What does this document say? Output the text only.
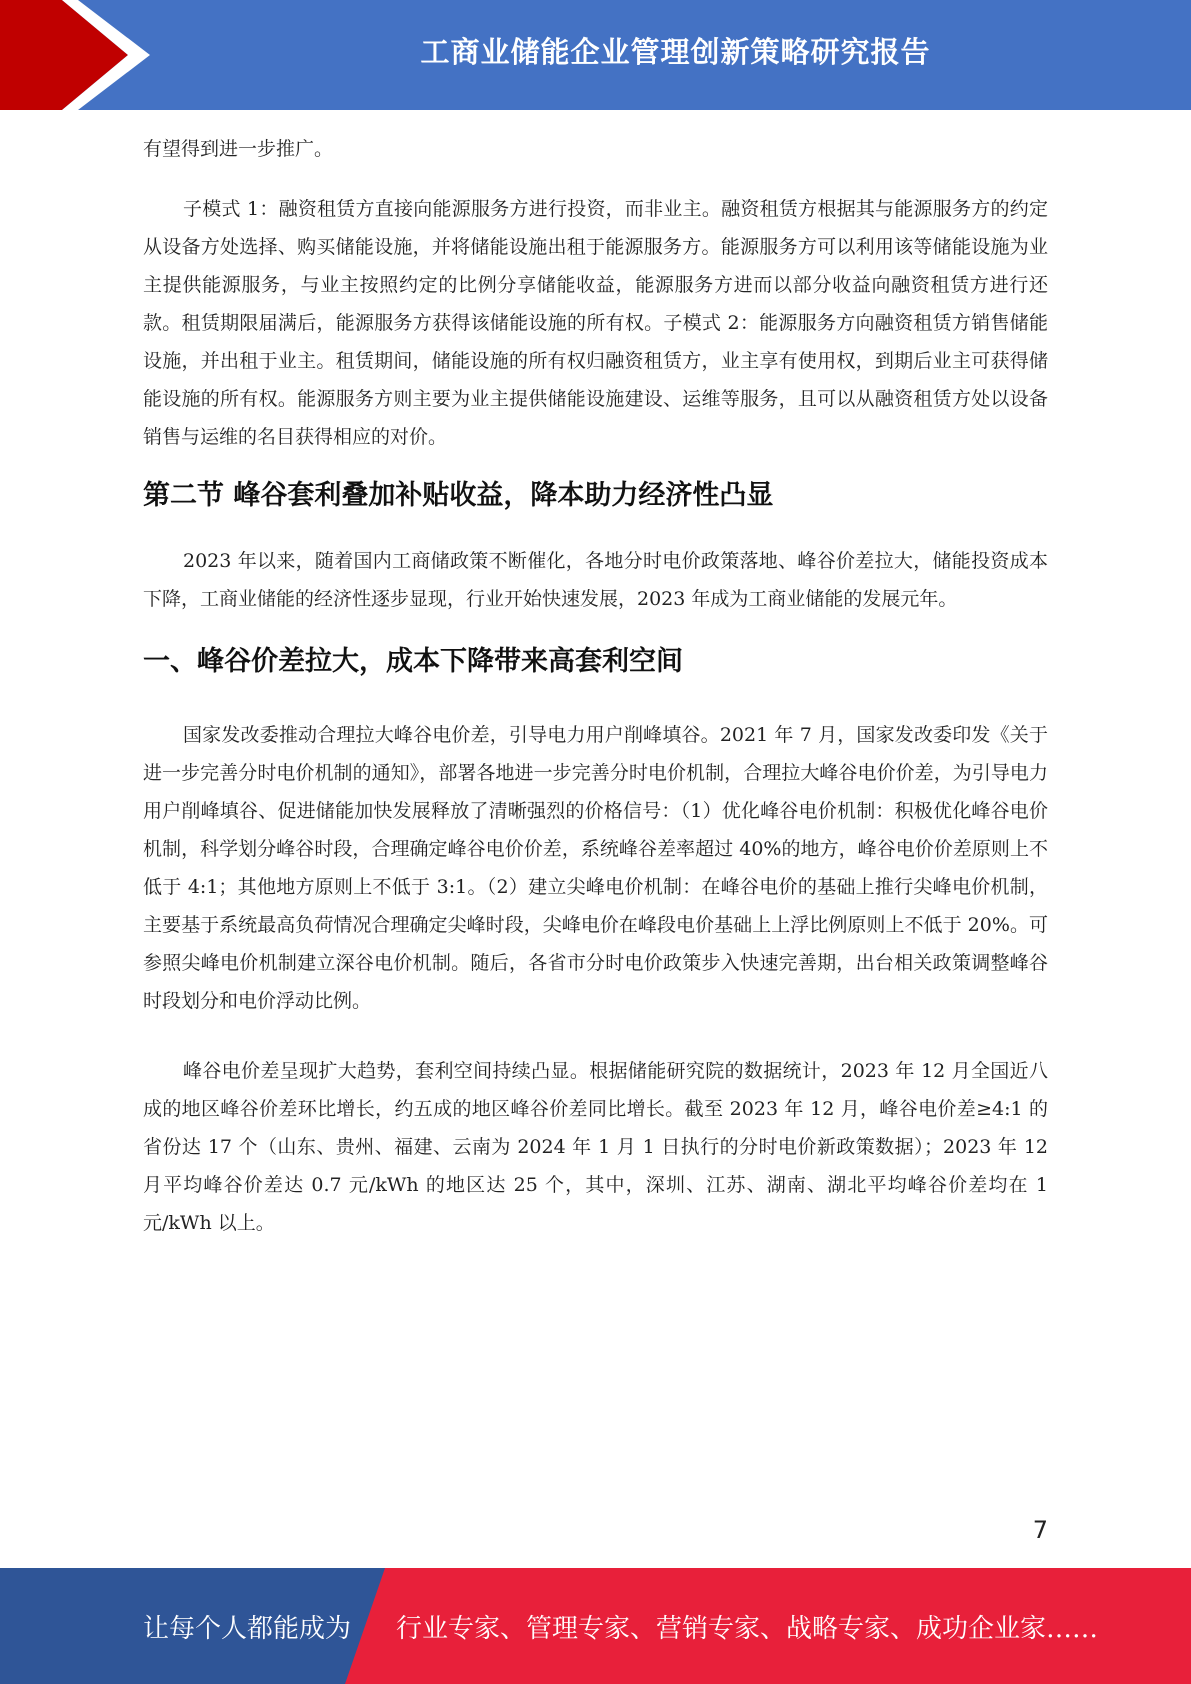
工商业储能企业管理创新策略研究报告

有望得到进一步推广。

子模式 1：融资租赁方直接向能源服务方进行投资，而非业主。融资租赁方根据其与能源服务方的约定从设备方处选择、购买储能设施，并将储能设施出租于能源服务方。能源服务方可以利用该等储能设施为业主提供能源服务，与业主按照约定的比例分享储能收益，能源服务方进而以部分收益向融资租赁方进行还款。租赁期限届满后，能源服务方获得该储能设施的所有权。子模式 2：能源服务方向融资租赁方销售储能设施，并出租于业主。租赁期间，储能设施的所有权归融资租赁方，业主享有使用权，到期后业主可获得储能设施的所有权。能源服务方则主要为业主提供储能设施建设、运维等服务，且可以从融资租赁方处以设备销售与运维的名目获得相应的对价。

第二节 峰谷套利叠加补贴收益，降本助力经济性凸显

2023 年以来，随着国内工商储政策不断催化，各地分时电价政策落地、峰谷价差拉大，储能投资成本下降，工商业储能的经济性逐步显现，行业开始快速发展，2023 年成为工商业储能的发展元年。

一、峰谷价差拉大，成本下降带来高套利空间

国家发改委推动合理拉大峰谷电价差，引导电力用户削峰填谷。2021 年 7 月，国家发改委印发《关于进一步完善分时电价机制的通知》，部署各地进一步完善分时电价机制，合理拉大峰谷电价价差，为引导电力用户削峰填谷、促进储能加快发展释放了清晰强烈的价格信号：（1）优化峰谷电价机制：积极优化峰谷电价机制，科学划分峰谷时段，合理确定峰谷电价价差，系统峰谷差率超过 40%的地方，峰谷电价价差原则上不低于 4:1；其他地方原则上不低于 3:1。（2）建立尖峰电价机制：在峰谷电价的基础上推行尖峰电价机制，主要基于系统最高负荷情况合理确定尖峰时段，尖峰电价在峰段电价基础上上浮比例原则上不低于 20%。可参照尖峰电价机制建立深谷电价机制。随后，各省市分时电价政策步入快速完善期，出台相关政策调整峰谷时段划分和电价浮动比例。

峰谷电价差呈现扩大趋势，套利空间持续凸显。根据储能研究院的数据统计，2023 年 12 月全国近八成的地区峰谷价差环比增长，约五成的地区峰谷价差同比增长。截至 2023 年 12 月，峰谷电价差≥4:1 的省份达 17 个（山东、贵州、福建、云南为 2024 年 1 月 1 日执行的分时电价新政策数据）；2023 年 12 月平均峰谷价差达 0.7 元/kWh 的地区达 25 个，其中，深圳、江苏、湖南、湖北平均峰谷价差均在 1 元/kWh 以上。

7
让每个人都能成为 行业专家、管理专家、营销专家、战略专家、成功企业家……
